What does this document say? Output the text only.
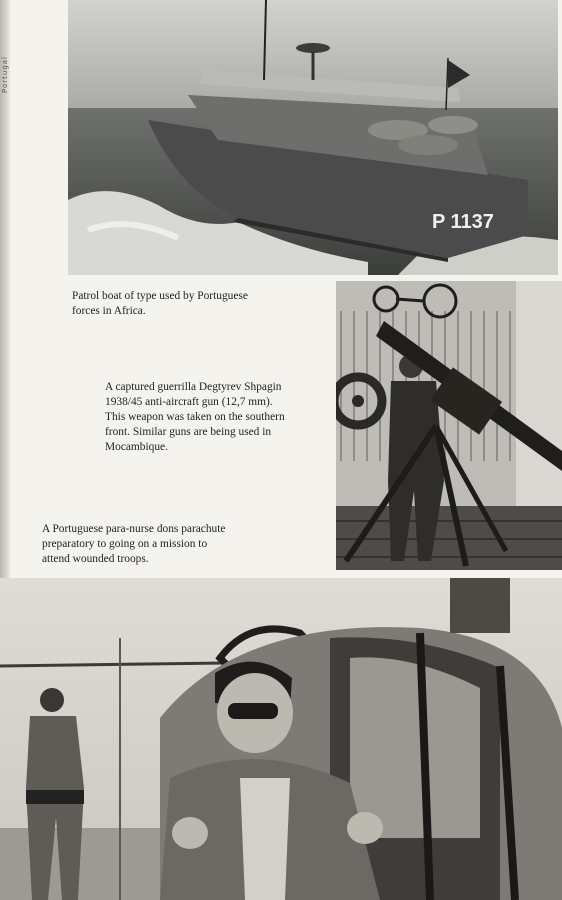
Portugal
P 1137
Patrol boat of type used by Portuguese
forces in Africa.
A captured guerrilla Degtyrev Shpagin
1938/45 anti-aircraft gun (12,7 mm).
This weapon was taken on the southern
front. Similar guns are being used in
Mocambique.
A Portuguese para-nurse dons parachute
preparatory to going on a mission to
attend wounded troops.
